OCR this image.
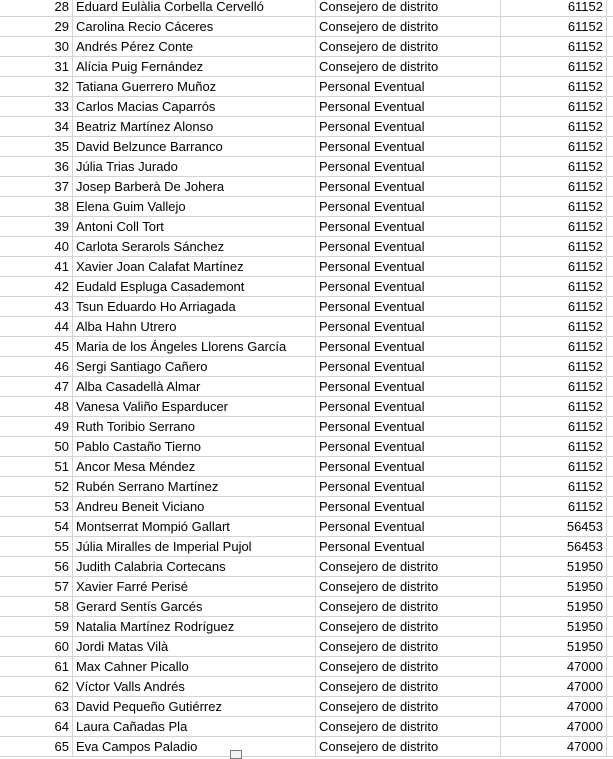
28 Eduard Eulàlia Corbella Cervelló	Consejero de distrito	61152
29 Carolina Recio Cáceres	Consejero de distrito	61152
30 Andrés Pérez Conte	Consejero de distrito	61152
31 Alícia Puig Fernández	Consejero de distrito	61152
32 Tatiana Guerrero Muñoz	Personal Eventual	61152
33 Carlos Macias Caparrós	Personal Eventual	61152
34 Beatriz Martínez Alonso	Personal Eventual	61152
35 David Belzunce Barranco	Personal Eventual	61152
36 Júlia Trias Jurado	Personal Eventual	61152
37 Josep Barberà De Johera	Personal Eventual	61152
38 Elena Guim Vallejo	Personal Eventual	61152
39 Antoni Coll Tort	Personal Eventual	61152
40 Carlota Serarols Sánchez	Personal Eventual	61152
41 Xavier Joan Calafat Martínez	Personal Eventual	61152
42 Eudald Espluga Casademont	Personal Eventual	61152
43 Tsun Eduardo Ho Arriagada	Personal Eventual	61152
44 Alba Hahn Utrero	Personal Eventual	61152
45 Maria de los Ángeles Llorens García	Personal Eventual	61152
46 Sergi Santiago Cañero	Personal Eventual	61152
47 Alba Casadellà Almar	Personal Eventual	61152
48 Vanesa Valiño Esparducer	Personal Eventual	61152
49 Ruth Toribio Serrano	Personal Eventual	61152
50 Pablo Castaño Tierno	Personal Eventual	61152
51 Ancor Mesa Méndez	Personal Eventual	61152
52 Rubén Serrano Martínez	Personal Eventual	61152
53 Andreu Beneit Viciano	Personal Eventual	61152
54 Montserrat Mompió Gallart	Personal Eventual	56453
55 Júlia Miralles de Imperial Pujol	Personal Eventual	56453
56 Judith Calabria Cortecans	Consejero de distrito	51950
57 Xavier Farré Perisé	Consejero de distrito	51950
58 Gerard Sentís Garcés	Consejero de distrito	51950
59 Natalia Martínez Rodríguez	Consejero de distrito	51950
60 Jordi Matas Vilà	Consejero de distrito	51950
61 Max Cahner Picallo	Consejero de distrito	47000
62 Víctor Valls Andrés	Consejero de distrito	47000
63 David Pequeño Gutiérrez	Consejero de distrito	47000
64 Laura Cañadas Pla	Consejero de distrito	47000
65 Eva Campos Paladio	Consejero de distrito	47000
